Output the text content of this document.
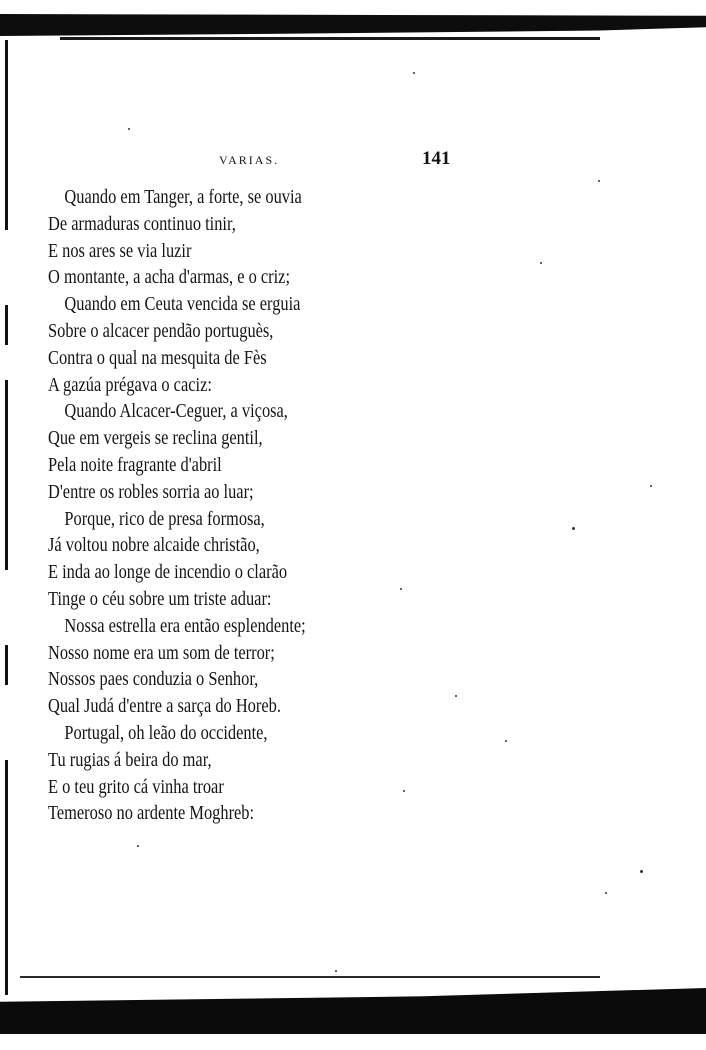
VARIAS.	141
Quando em Tanger, a forte, se ouvia
De armaduras continuo tinir,
E nos ares se via luzir
O montante, a acha d'armas, e o criz;
Quando em Ceuta vencida se erguia
Sobre o alcacer pendão portuguès,
Contra o qual na mesquita de Fès
A gazúa prégava o caciz:
Quando Alcacer-Ceguer, a viçosa,
Que em vergeis se reclina gentil,
Pela noite fragrante d'abril
D'entre os robles sorria ao luar;
Porque, rico de presa formosa,
Já voltou nobre alcaide christão,
E inda ao longe de incendio o clarão
Tinge o céu sobre um triste aduar:
Nossa estrella era então esplendente;
Nosso nome era um som de terror;
Nossos paes conduzia o Senhor,
Qual Judá d'entre a sarça do Horeb.
Portugal, oh leão do occidente,
Tu rugias á beira do mar,
E o teu grito cá vinha troar
Temeroso no ardente Moghreb:
